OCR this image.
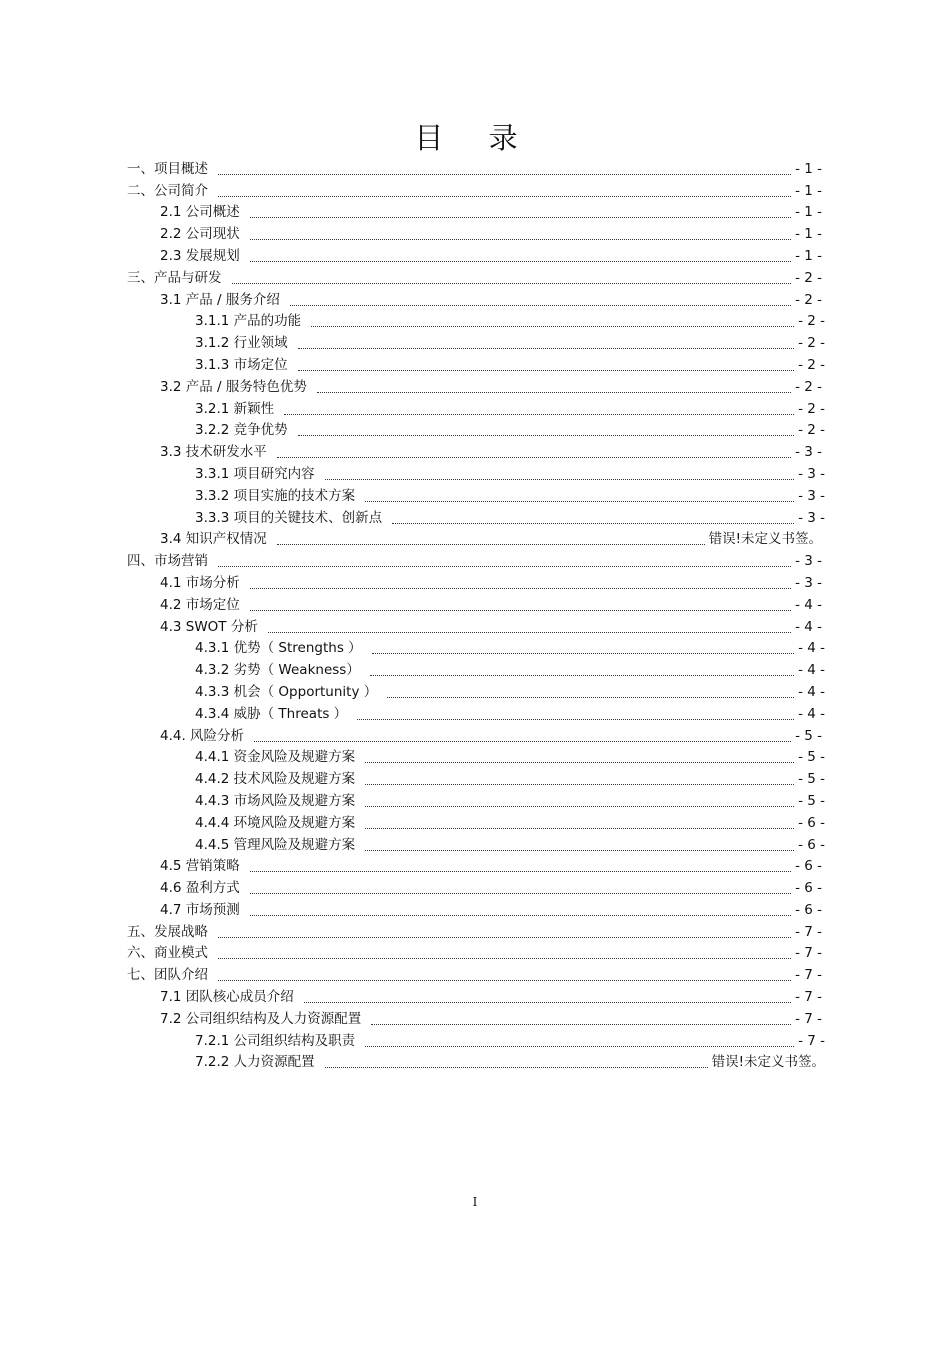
目 录
一、项目概述	- 1 -
二、公司简介	- 1 -
2.1 公司概述	- 1 -
2.2 公司现状	- 1 -
2.3 发展规划	- 1 -
三、产品与研发	- 2 -
3.1 产品 / 服务介绍	- 2 -
3.1.1 产品的功能	- 2 -
3.1.2 行业领域	- 2 -
3.1.3 市场定位	- 2 -
3.2 产品 / 服务特色优势	- 2 -
3.2.1 新颖性	- 2 -
3.2.2 竞争优势	- 2 -
3.3 技术研发水平	- 3 -
3.3.1 项目研究内容	- 3 -
3.3.2 项目实施的技术方案	- 3 -
3.3.3 项目的关键技术、创新点	- 3 -
3.4 知识产权情况	错误!未定义书签。
四、市场营销	- 3 -
4.1 市场分析	- 3 -
4.2 市场定位	- 4 -
4.3 SWOT 分析	- 4 -
4.3.1 优势（ Strengths ）	- 4 -
4.3.2 劣势（ Weakness）	- 4 -
4.3.3 机会（ Opportunity ）	- 4 -
4.3.4 威胁（ Threats ）	- 4 -
4.4. 风险分析	- 5 -
4.4.1 资金风险及规避方案	- 5 -
4.4.2 技术风险及规避方案	- 5 -
4.4.3 市场风险及规避方案	- 5 -
4.4.4 环境风险及规避方案	- 6 -
4.4.5 管理风险及规避方案	- 6 -
4.5 营销策略	- 6 -
4.6 盈利方式	- 6 -
4.7 市场预测	- 6 -
五、发展战略	- 7 -
六、商业模式	- 7 -
七、团队介绍	- 7 -
7.1 团队核心成员介绍	- 7 -
7.2 公司组织结构及人力资源配置	- 7 -
7.2.1 公司组织结构及职责	- 7 -
7.2.2 人力资源配置	错误!未定义书签。
I
